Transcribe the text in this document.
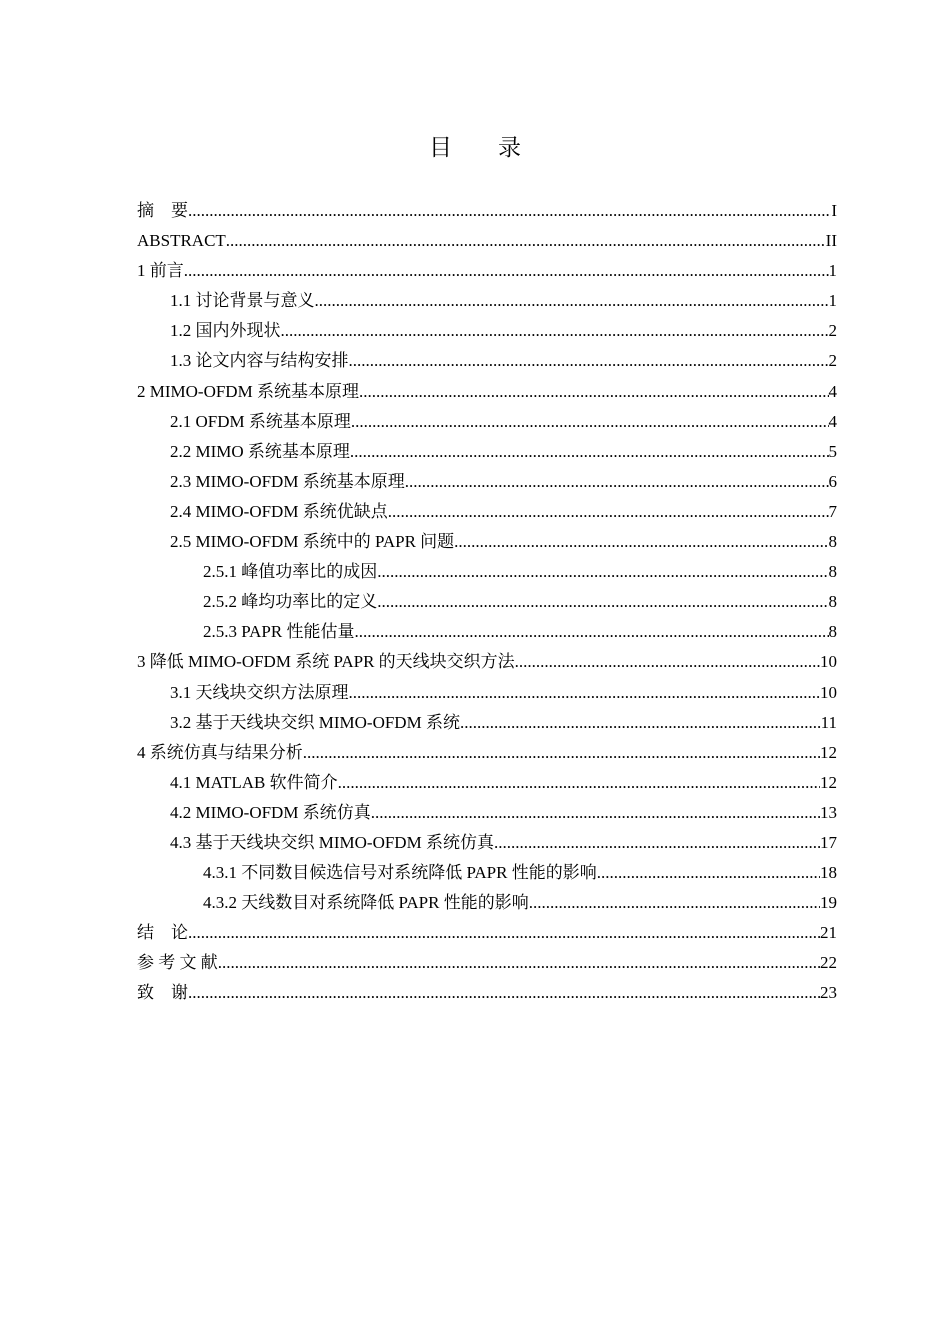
目 录
摘    要 .....	I
ABSTRACT .....	II
1 前言 .....	1
1.1 讨论背景与意义 .....	1
1.2 国内外现状 .....	2
1.3 论文内容与结构安排 .....	2
2 MIMO-OFDM 系统基本原理 .....	4
2.1 OFDM 系统基本原理 .....	4
2.2 MIMO 系统基本原理 .....	5
2.3 MIMO-OFDM 系统基本原理 .....	6
2.4 MIMO-OFDM 系统优缺点 .....	7
2.5 MIMO-OFDM 系统中的 PAPR 问题 .....	8
2.5.1 峰值功率比的成因 .....	8
2.5.2 峰均功率比的定义 .....	8
2.5.3 PAPR 性能估量 .....	8
3 降低 MIMO-OFDM 系统 PAPR 的天线块交织方法 .....	10
3.1 天线块交织方法原理 .....	10
3.2 基于天线块交织 MIMO-OFDM 系统 .....	11
4 系统仿真与结果分析 .....	12
4.1 MATLAB 软件简介 .....	12
4.2 MIMO-OFDM 系统仿真 .....	13
4.3 基于天线块交织 MIMO-OFDM 系统仿真 .....	17
4.3.1 不同数目候选信号对系统降低 PAPR 性能的影响 .....	18
4.3.2 天线数目对系统降低 PAPR 性能的影响 .....	19
结    论 .....	21
参 考 文 献 .....	22
致    谢 .....	23
